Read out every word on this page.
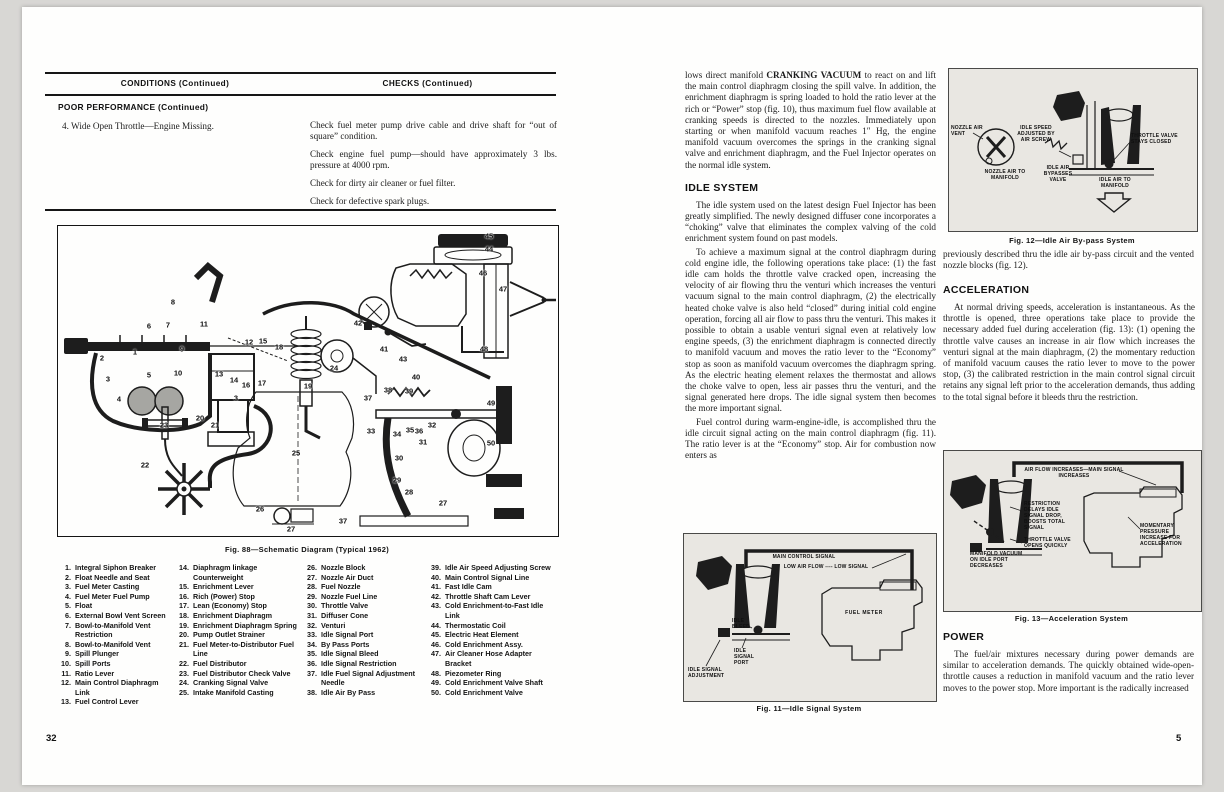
CONDITIONS (Continued)	CHECKS (Continued)
POOR PERFORMANCE (Continued)
4. Wide Open Throttle—Engine Missing.	Check fuel meter pump drive cable and drive shaft for “out of square” condition.

Check engine fuel pump—should have approximately 3 lbs. pressure at 4000 rpm.

Check for dirty air cleaner or fuel filter.

Check for defective spark plugs.

1
2
3
3
4
5
6 7
8
9
10
11
12
13
14
15
16 17
18
19
20
21
22
23
24
25
26
27
27
28
29
30
31
32
33 34 35 36
37
37
38 39
40
41
42
43
44
45
46
47
48
49
50
Fig. 88—Schematic Diagram (Typical 1962)
1. Integral Siphon Breaker
2. Float Needle and Seat
3. Fuel Meter Casting
4. Fuel Meter Fuel Pump
5. Float
6. External Bowl Vent Screen
7. Bowl-to-Manifold Vent Restriction
8. Bowl-to-Manifold Vent
9. Spill Plunger
10. Spill Ports
11. Ratio Lever
12. Main Control Diaphragm Link
13. Fuel Control Lever
14. Diaphragm linkage Counterweight
15. Enrichment Lever
16. Rich (Power) Stop
17. Lean (Economy) Stop
18. Enrichment Diaphragm
19. Enrichment Diaphragm Spring
20. Pump Outlet Strainer
21. Fuel Meter-to-Distributor Fuel Line
22. Fuel Distributor
23. Fuel Distributor Check Valve
24. Cranking Signal Valve
25. Intake Manifold Casting
26. Nozzle Block
27. Nozzle Air Duct
28. Fuel Nozzle
29. Nozzle Fuel Line
30. Throttle Valve
31. Diffuser Cone
32. Venturi
33. Idle Signal Port
34. By Pass Ports
35. Idle Signal Bleed
36. Idle Signal Restriction
37. Idle Fuel Signal Adjustment Needle
38. Idle Air By Pass
39. Idle Air Speed Adjusting Screw
40. Main Control Signal Line
41. Fast Idle Cam
42. Throttle Shaft Cam Lever
43. Cold Enrichment-to-Fast Idle Link
44. Thermostatic Coil
45. Electric Heat Element
46. Cold Enrichment Assy.
47. Air Cleaner Hose Adapter Bracket
48. Piezometer Ring
49. Cold Enrichment Valve Shaft
50. Cold Enrichment Valve
32

lows direct manifold CRANKING VACUUM to react on and lift the main control diaphragm closing the spill valve. In addition, the enrichment diaphragm is spring loaded to hold the ratio lever at the rich or “Power” stop (fig. 10), thus maximum fuel flow available at cranking speeds is directed to the nozzles. Immediately upon starting or when manifold vacuum reaches 1″ Hg, the engine manifold vacuum overcomes the springs in the cranking signal valve and enrichment diaphragm, and the Fuel Injector operates on the normal idle system.

IDLE SYSTEM

The idle system used on the latest design Fuel Injector has been greatly simplified. The newly designed diffuser cone incorporates a “choking” valve that eliminates the complex valving of the cold enrichment system found on past models.

To achieve a maximum signal at the control diaphragm during cold engine idle, the following operations take place: (1) the fast idle cam holds the throttle valve cracked open, increasing the velocity of air flowing thru the venturi which increases the venturi vacuum signal to the main control diaphragm, (2) the electrically heated choke valve is also held “closed” during initial cold engine operation, forcing all air flow to pass thru the venturi. This makes it possible to obtain a usable venturi signal even at relatively low engine speeds, (3) the enrichment diaphragm is connected directly to manifold vacuum and moves the ratio lever to the “Economy” stop as soon as manifold vacuum overcomes the diaphragm spring. As the electric heating element relaxes the thermostat and allows the choke valve to open, less air passes thru the venturi, and the signal generated here drops. The idle signal system then becomes the more important signal.

Fuel control during warm-engine-idle, is accomplished thru the idle circuit signal acting on the main control diaphragm (fig. 11). The ratio lever is at the “Economy” stop. Air for combustion now enters as

MAIN CONTROL SIGNAL
LOW AIR FLOW ---- LOW SIGNAL
IDLE BLEED
IDLE SIGNAL PORT
IDLE SIGNAL ADJUSTMENT
FUEL METER
Fig. 11—Idle Signal System
NOZZLE AIR VENT
NOZZLE AIR TO MANIFOLD
IDLE SPEED ADJUSTED BY AIR SCREW
IDLE AIR BYPASSES VALVE
THROTTLE VALVE STAYS CLOSED
IDLE AIR TO MANIFOLD
Fig. 12—Idle Air By-pass System

previously described thru the idle air by-pass circuit and the vented nozzle blocks (fig. 12).

ACCELERATION

At normal driving speeds, acceleration is instantaneous. As the throttle is opened, three operations take place to provide the necessary added fuel during acceleration (fig. 13): (1) opening the throttle valve causes an increase in air flow which increases the venturi signal at the main diaphragm, (2) the momentary reduction of manifold vacuum causes the ratio lever to move to the power stop, (3) the calibrated restriction in the main control signal circuit retains any signal left prior to the acceleration demands, thus adding to the total signal before it bleeds thru the restriction.

AIR FLOW INCREASES—MAIN SIGNAL INCREASES
RESTRICTION DELAYS IDLE SIGNAL DROP, BOOSTS TOTAL SIGNAL
THROTTLE VALVE OPENS QUICKLY
MANIFOLD VACUUM ON IDLE PORT DECREASES
MOMENTARY PRESSURE INCREASE FOR ACCELERATION
Fig. 13—Acceleration System
POWER

The fuel/air mixtures necessary during power demands are similar to acceleration demands. The quickly obtained wide-open-throttle causes a reduction in manifold vacuum and the ratio lever moves to the power stop. More important is the radically increased

5
